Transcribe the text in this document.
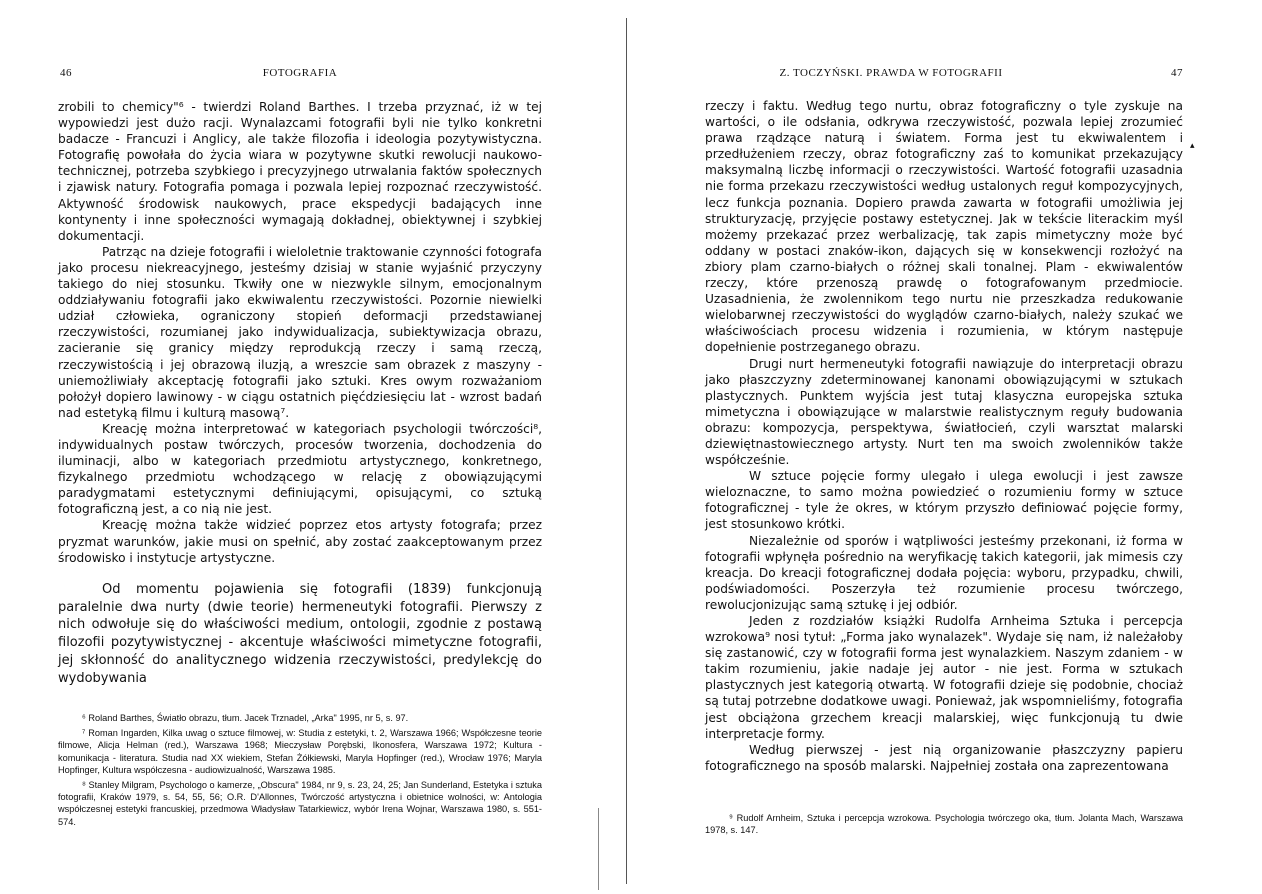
46	FOTOGRAFIA

zrobili to chemicy"⁶ - twierdzi Roland Barthes. I trzeba przyznać, iż w tej wypowiedzi jest dużo racji. Wynalazcami fotografii byli nie tylko konkretni badacze - Francuzi i Anglicy, ale także filozofia i ideologia pozytywistyczna. Fotografię powołała do życia wiara w pozytywne skutki rewolucji naukowo-technicznej, potrzeba szybkiego i precyzyjnego utrwalania faktów społecznych i zjawisk natury. Fotografia pomaga i pozwala lepiej rozpoznać rzeczywistość. Aktywność środowisk naukowych, prace ekspedycji badających inne kontynenty i inne społeczności wymagają dokładnej, obiektywnej i szybkiej dokumentacji.

Patrząc na dzieje fotografii i wieloletnie traktowanie czynności fotografa jako procesu niekreacyjnego, jesteśmy dzisiaj w stanie wyjaśnić przyczyny takiego do niej stosunku. Tkwiły one w niezwykle silnym, emocjonalnym oddziaływaniu fotografii jako ekwiwalentu rzeczywistości. Pozornie niewielki udział człowieka, ograniczony stopień deformacji przedstawianej rzeczywistości, rozumianej jako indywidualizacja, subiektywizacja obrazu, zacieranie się granicy między reprodukcją rzeczy i samą rzeczą, rzeczywistością i jej obrazową iluzją, a wreszcie sam obrazek z maszyny - uniemożliwiały akceptację fotografii jako sztuki. Kres owym rozważaniom położył dopiero lawinowy - w ciągu ostatnich pięćdziesięciu lat - wzrost badań nad estetyką filmu i kulturą masową⁷.

Kreację można interpretować w kategoriach psychologii twórczości⁸, indywidualnych postaw twórczych, procesów tworzenia, dochodzenia do iluminacji, albo w kategoriach przedmiotu artystycznego, konkretnego, fizykalnego przedmiotu wchodzącego w relację z obowiązującymi paradygmatami estetycznymi definiującymi, opisującymi, co sztuką fotograficzną jest, a co nią nie jest.

Kreację można także widzieć poprzez etos artysty fotografa; przez pryzmat warunków, jakie musi on spełnić, aby zostać zaakceptowanym przez środowisko i instytucje artystyczne.

Od momentu pojawienia się fotografii (1839) funkcjonują paralelnie dwa nurty (dwie teorie) hermeneutyki fotografii. Pierwszy z nich odwołuje się do właściwości medium, ontologii, zgodnie z postawą filozofii pozytywistycznej - akcentuje właściwości mimetyczne fotografii, jej skłonność do analitycznego widzenia rzeczywistości, predylekcję do wydobywania

⁶ Roland Barthes, Światło obrazu, tłum. Jacek Trznadel, „Arka" 1995, nr 5, s. 97.

⁷ Roman Ingarden, Kilka uwag o sztuce filmowej, w: Studia z estetyki, t. 2, Warszawa 1966; Współczesne teorie filmowe, Alicja Helman (red.), Warszawa 1968; Mieczysław Porębski, Ikonosfera, Warszawa 1972; Kultura - komunikacja - literatura. Studia nad XX wiekiem, Stefan Żółkiewski, Maryla Hopfinger (red.), Wrocław 1976; Maryla Hopfinger, Kultura współczesna - audiowizualność, Warszawa 1985.

⁸ Stanley Milgram, Psychologo o kamerze, „Obscura" 1984, nr 9, s. 23, 24, 25; Jan Sunderland, Estetyka i sztuka fotografii, Kraków 1979, s. 54, 55, 56; O.R. D'Allonnes, Twórczość artystyczna i obietnice wolności, w: Antologia współczesnej estetyki francuskiej, przedmowa Władysław Tatarkiewicz, wybór Irena Wojnar, Warszawa 1980, s. 551-574.

▴
Z. TOCZYŃSKI. PRAWDA W FOTOGRAFII	47

rzeczy i faktu. Według tego nurtu, obraz fotograficzny o tyle zyskuje na wartości, o ile odsłania, odkrywa rzeczywistość, pozwala lepiej zrozumieć prawa rządzące naturą i światem. Forma jest tu ekwiwalentem i przedłużeniem rzeczy, obraz fotograficzny zaś to komunikat przekazujący maksymalną liczbę informacji o rzeczywistości. Wartość fotografii uzasadnia nie forma przekazu rzeczywistości według ustalonych reguł kompozycyjnych, lecz funkcja poznania. Dopiero prawda zawarta w fotografii umożliwia jej strukturyzację, przyjęcie postawy estetycznej. Jak w tekście literackim myśl możemy przekazać przez werbalizację, tak zapis mimetyczny może być oddany w postaci znaków-ikon, dających się w konsekwencji rozłożyć na zbiory plam czarno-białych o różnej skali tonalnej. Plam - ekwiwalentów rzeczy, które przenoszą prawdę o fotografowanym przedmiocie. Uzasadnienia, że zwolennikom tego nurtu nie przeszkadza redukowanie wielobarwnej rzeczywistości do wyglądów czarno-białych, należy szukać we właściwościach procesu widzenia i rozumienia, w którym następuje dopełnienie postrzeganego obrazu.

Drugi nurt hermeneutyki fotografii nawiązuje do interpretacji obrazu jako płaszczyzny zdeterminowanej kanonami obowiązującymi w sztukach plastycznych. Punktem wyjścia jest tutaj klasyczna europejska sztuka mimetyczna i obowiązujące w malarstwie realistycznym reguły budowania obrazu: kompozycja, perspektywa, światłocień, czyli warsztat malarski dziewiętnastowiecznego artysty. Nurt ten ma swoich zwolenników także współcześnie.

W sztuce pojęcie formy ulegało i ulega ewolucji i jest zawsze wieloznaczne, to samo można powiedzieć o rozumieniu formy w sztuce fotograficznej - tyle że okres, w którym przyszło definiować pojęcie formy, jest stosunkowo krótki.

Niezależnie od sporów i wątpliwości jesteśmy przekonani, iż forma w fotografii wpłynęła pośrednio na weryfikację takich kategorii, jak mimesis czy kreacja. Do kreacji fotograficznej dodała pojęcia: wyboru, przypadku, chwili, podświadomości. Poszerzyła też rozumienie procesu twórczego, rewolucjonizując samą sztukę i jej odbiór.

Jeden z rozdziałów książki Rudolfa Arnheima Sztuka i percepcja wzrokowa⁹ nosi tytuł: „Forma jako wynalazek". Wydaje się nam, iż należałoby się zastanowić, czy w fotografii forma jest wynalazkiem. Naszym zdaniem - w takim rozumieniu, jakie nadaje jej autor - nie jest. Forma w sztukach plastycznych jest kategorią otwartą. W fotografii dzieje się podobnie, chociaż są tutaj potrzebne dodatkowe uwagi. Ponieważ, jak wspomnieliśmy, fotografia jest obciążona grzechem kreacji malarskiej, więc funkcjonują tu dwie interpretacje formy.

Według pierwszej - jest nią organizowanie płaszczyzny papieru fotograficznego na sposób malarski. Najpełniej została ona zaprezentowana

⁹ Rudolf Arnheim, Sztuka i percepcja wzrokowa. Psychologia twórczego oka, tłum. Jolanta Mach, Warszawa 1978, s. 147.
